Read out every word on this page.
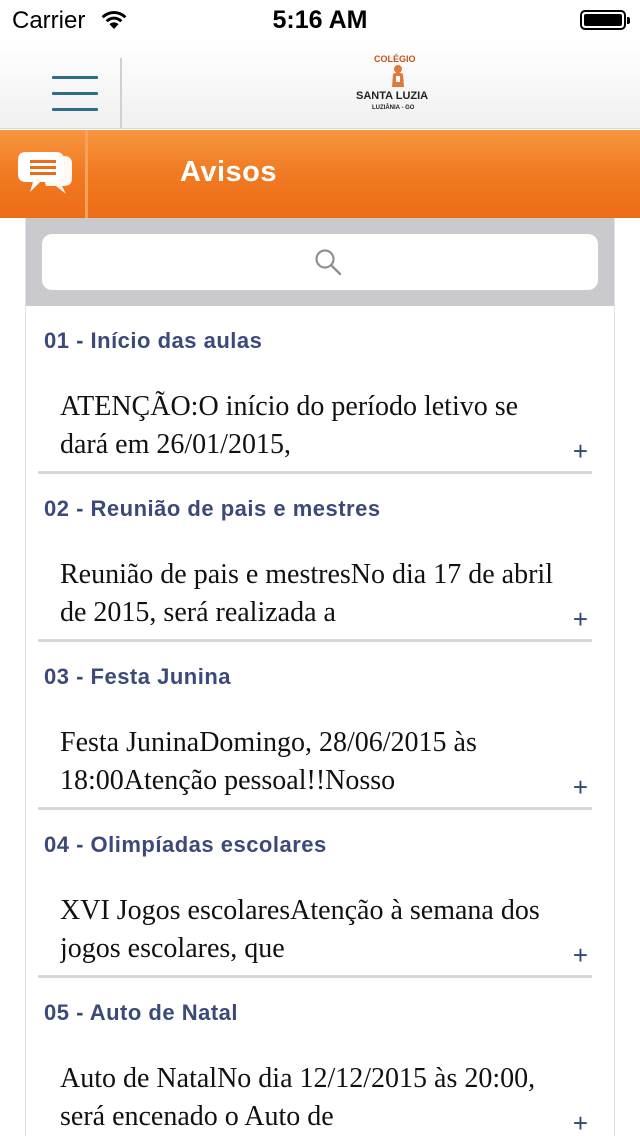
Carrier	5:16 AM
COLÉGIO
SANTA LUZIA
LUZIÂNIA - GO
Avisos
01 - Início das aulas
ATENÇÃO:O início do período letivo se dará em 26/01/2015,	+
02 - Reunião de pais e mestres
Reunião de pais e mestresNo dia 17 de abril de 2015, será realizada a	+
03 - Festa Junina
Festa JuninaDomingo, 28/06/2015 às 18:00Atenção pessoal!!Nosso	+
04 - Olimpíadas escolares
XVI Jogos escolaresAtenção à semana dos jogos escolares, que	+
05 - Auto de Natal
Auto de NatalNo dia 12/12/2015 às 20:00, será encenado o Auto de	+
